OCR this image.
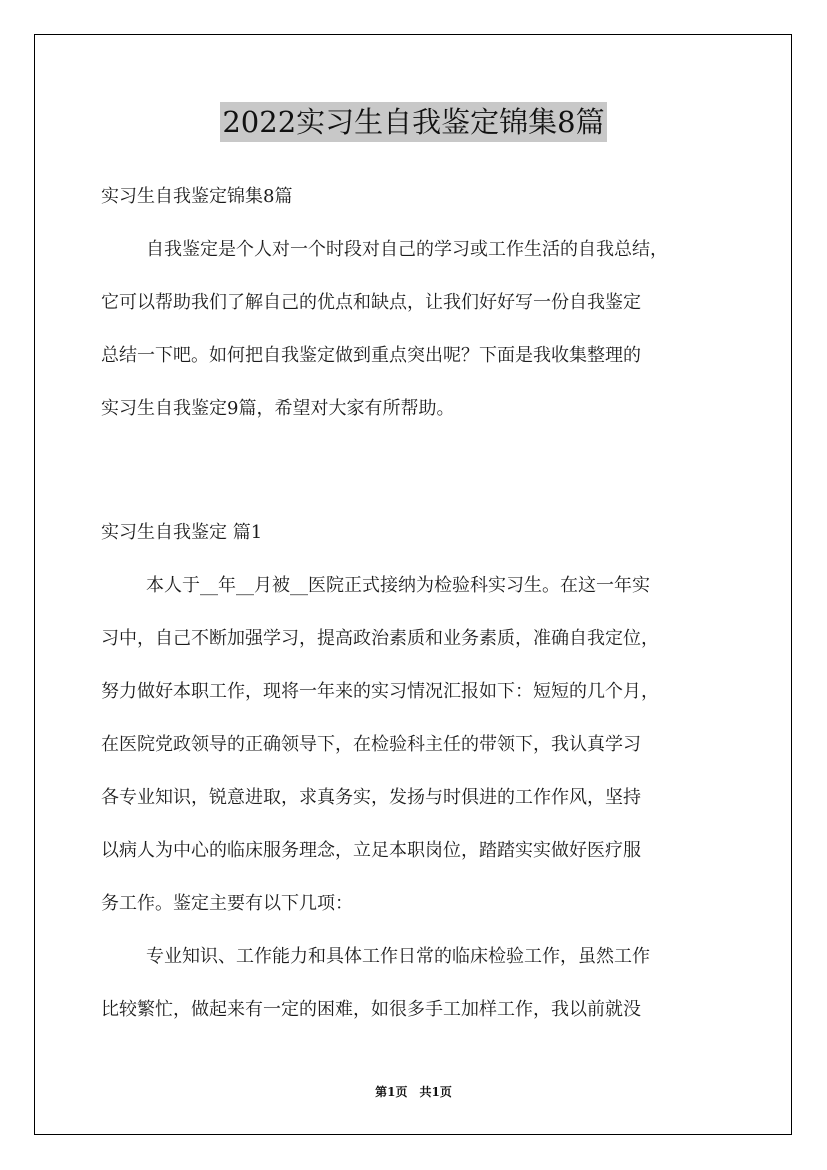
2022实习生自我鉴定锦集8篇
实习生自我鉴定锦集8篇
自我鉴定是个人对一个时段对自己的学习或工作生活的自我总结，
它可以帮助我们了解自己的优点和缺点，让我们好好写一份自我鉴定
总结一下吧。如何把自我鉴定做到重点突出呢？下面是我收集整理的
实习生自我鉴定9篇，希望对大家有所帮助。
实习生自我鉴定 篇1
本人于__年__月被__医院正式接纳为检验科实习生。在这一年实
习中，自己不断加强学习，提高政治素质和业务素质，准确自我定位，
努力做好本职工作，现将一年来的实习情况汇报如下：短短的几个月，
在医院党政领导的正确领导下，在检验科主任的带领下，我认真学习
各专业知识，锐意进取，求真务实，发扬与时俱进的工作作风，坚持
以病人为中心的临床服务理念，立足本职岗位，踏踏实实做好医疗服
务工作。鉴定主要有以下几项：
专业知识、工作能力和具体工作日常的临床检验工作，虽然工作
比较繁忙，做起来有一定的困难，如很多手工加样工作，我以前就没
第1页 共1页
